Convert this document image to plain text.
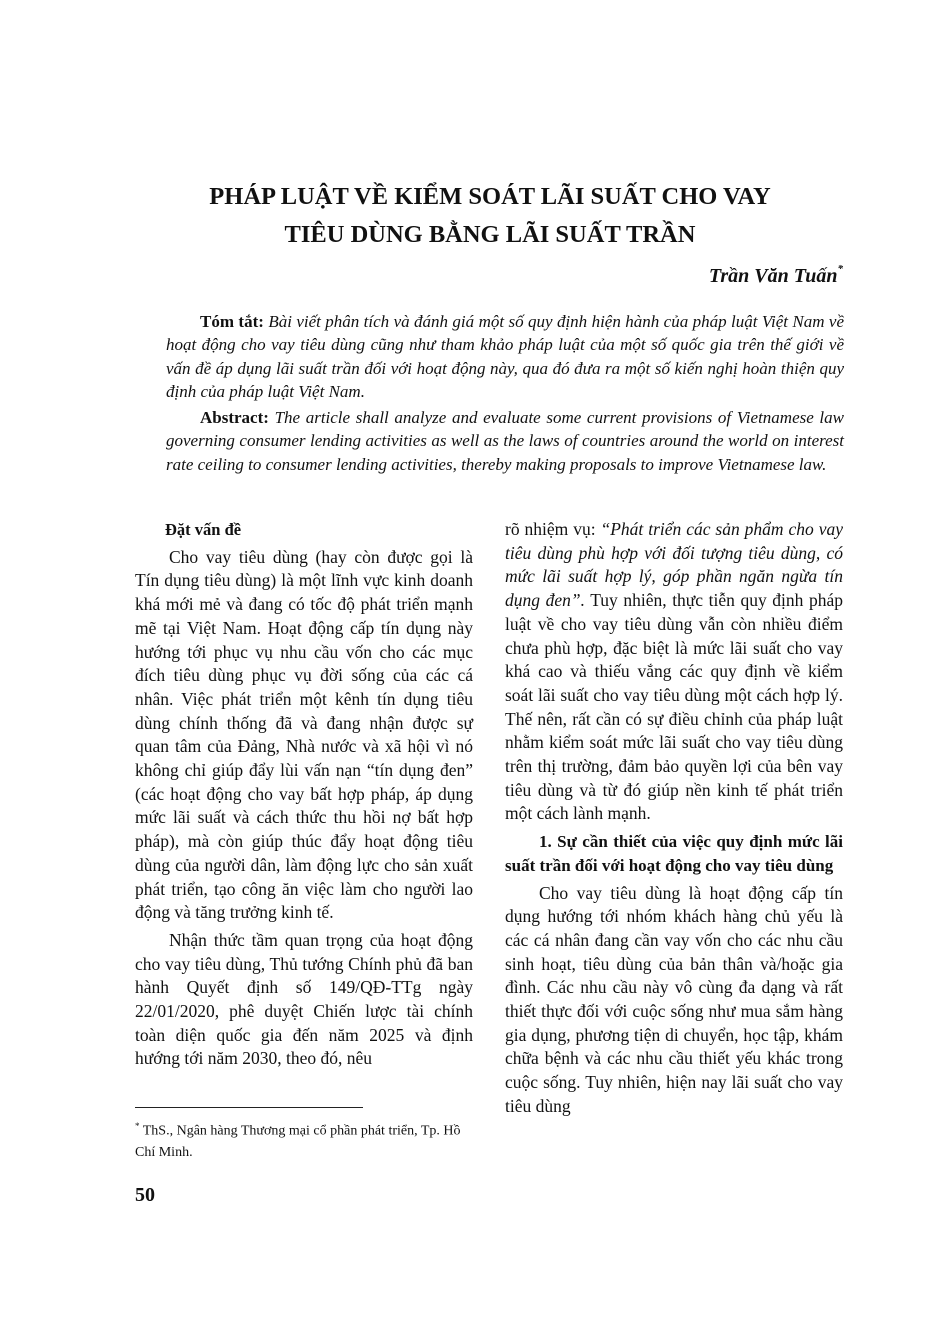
PHÁP LUẬT VỀ KIỂM SOÁT LÃI SUẤT CHO VAY
TIÊU DÙNG BẰNG LÃI SUẤT TRẦN
Trần Văn Tuấn*

Tóm tắt: Bài viết phân tích và đánh giá một số quy định hiện hành của pháp luật Việt Nam về hoạt động cho vay tiêu dùng cũng như tham khảo pháp luật của một số quốc gia trên thế giới về vấn đề áp dụng lãi suất trần đối với hoạt động này, qua đó đưa ra một số kiến nghị hoàn thiện quy định của pháp luật Việt Nam.

Abstract: The article shall analyze and evaluate some current provisions of Vietnamese law governing consumer lending activities as well as the laws of countries around the world on interest rate ceiling to consumer lending activities, thereby making proposals to improve Vietnamese law.

Đặt vấn đề

Cho vay tiêu dùng (hay còn được gọi là Tín dụng tiêu dùng) là một lĩnh vực kinh doanh khá mới mẻ và đang có tốc độ phát triển mạnh mẽ tại Việt Nam. Hoạt động cấp tín dụng này hướng tới phục vụ nhu cầu vốn cho các mục đích tiêu dùng phục vụ đời sống của các cá nhân. Việc phát triển một kênh tín dụng tiêu dùng chính thống đã và đang nhận được sự quan tâm của Đảng, Nhà nước và xã hội vì nó không chỉ giúp đẩy lùi vấn nạn “tín dụng đen” (các hoạt động cho vay bất hợp pháp, áp dụng mức lãi suất và cách thức thu hồi nợ bất hợp pháp), mà còn giúp thúc đẩy hoạt động tiêu dùng của người dân, làm động lực cho sản xuất phát triển, tạo công ăn việc làm cho người lao động và tăng trưởng kinh tế.

Nhận thức tầm quan trọng của hoạt động cho vay tiêu dùng, Thủ tướng Chính phủ đã ban hành Quyết định số 149/QĐ-TTg ngày 22/01/2020, phê duyệt Chiến lược tài chính toàn diện quốc gia đến năm 2025 và định hướng tới năm 2030, theo đó, nêu

rõ nhiệm vụ: “Phát triển các sản phẩm cho vay tiêu dùng phù hợp với đối tượng tiêu dùng, có mức lãi suất hợp lý, góp phần ngăn ngừa tín dụng đen”. Tuy nhiên, thực tiễn quy định pháp luật về cho vay tiêu dùng vẫn còn nhiều điểm chưa phù hợp, đặc biệt là mức lãi suất cho vay khá cao và thiếu vắng các quy định về kiểm soát lãi suất cho vay tiêu dùng một cách hợp lý. Thế nên, rất cần có sự điều chỉnh của pháp luật nhằm kiểm soát mức lãi suất cho vay tiêu dùng trên thị trường, đảm bảo quyền lợi của bên vay tiêu dùng và từ đó giúp nền kinh tế phát triển một cách lành mạnh.

1. Sự cần thiết của việc quy định mức lãi suất trần đối với hoạt động cho vay tiêu dùng

Cho vay tiêu dùng là hoạt động cấp tín dụng hướng tới nhóm khách hàng chủ yếu là các cá nhân đang cần vay vốn cho các nhu cầu sinh hoạt, tiêu dùng của bản thân và/hoặc gia đình. Các nhu cầu này vô cùng đa dạng và rất thiết thực đối với cuộc sống như mua sắm hàng gia dụng, phương tiện di chuyển, học tập, khám chữa bệnh và các nhu cầu thiết yếu khác trong cuộc sống. Tuy nhiên, hiện nay lãi suất cho vay tiêu dùng

* ThS., Ngân hàng Thương mại cổ phần phát triển, Tp. Hồ Chí Minh.

50
